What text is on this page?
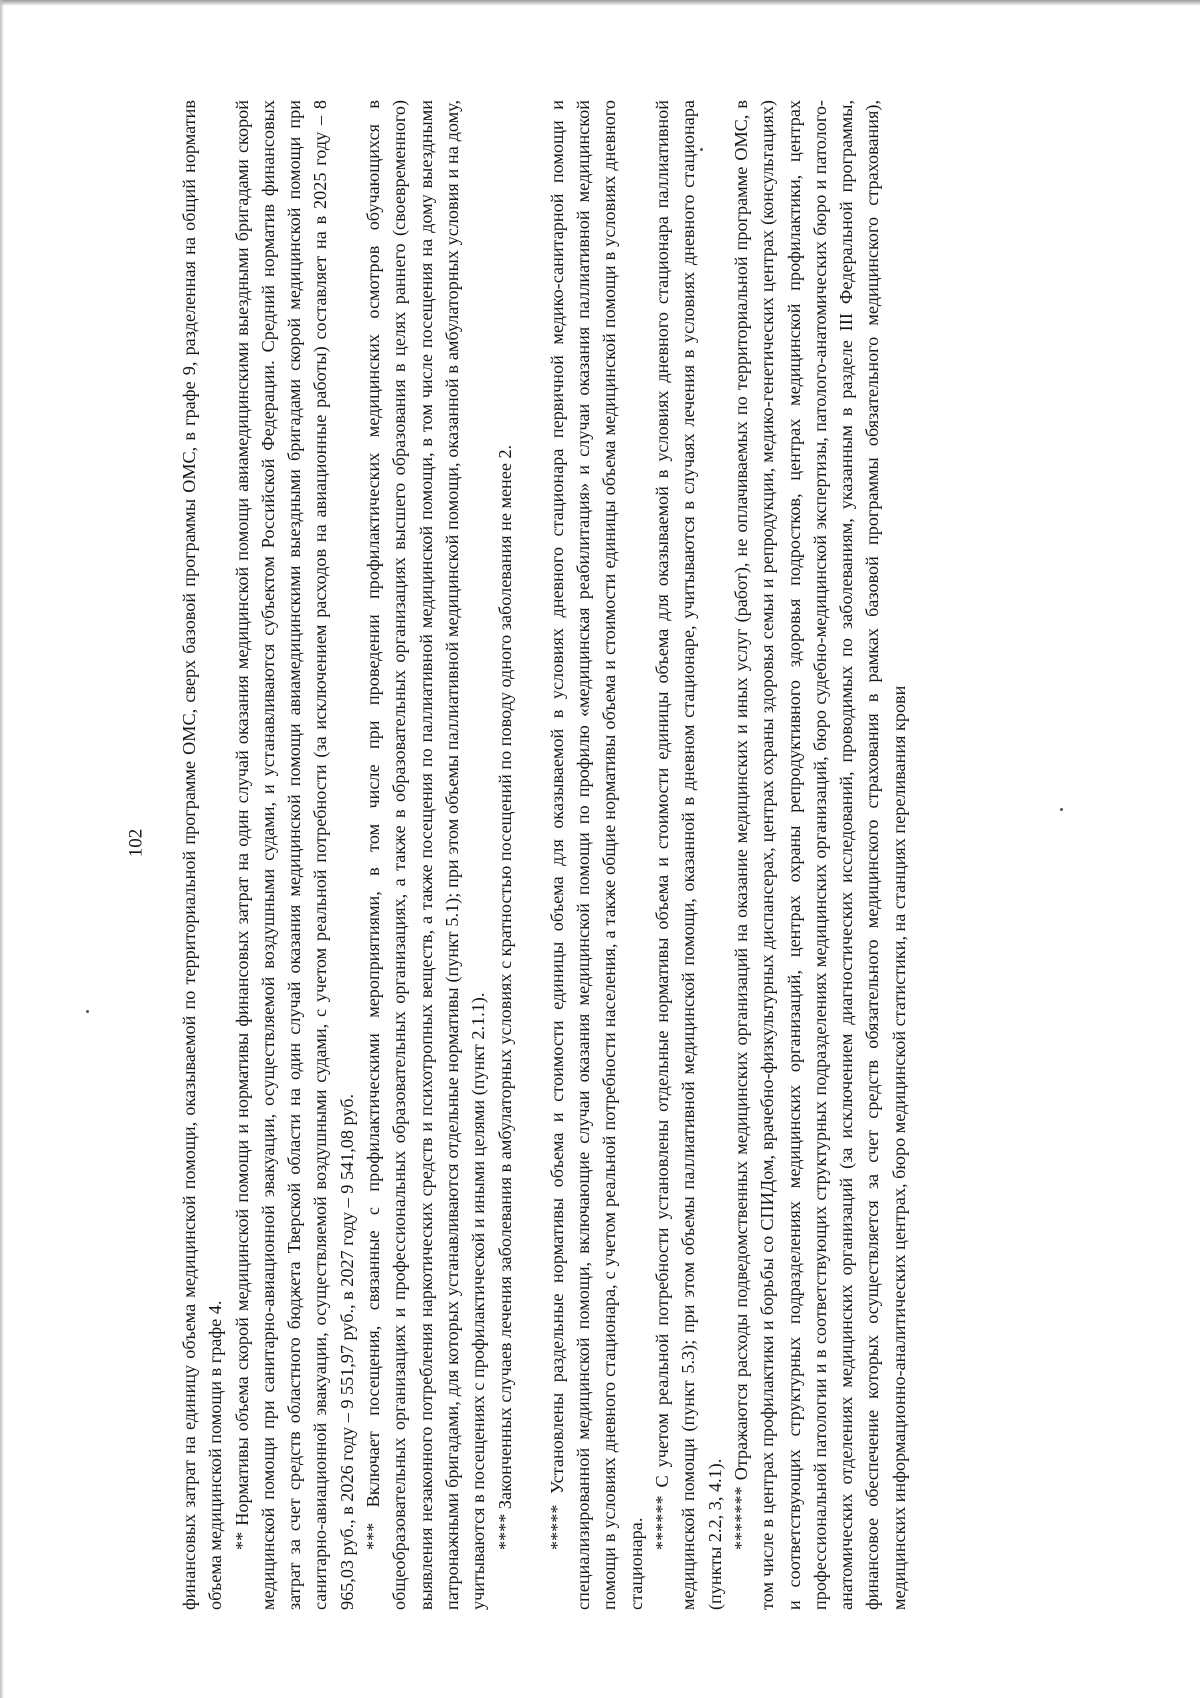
102 финансовых затрат на единицу объема медицинской помощи, оказываемой по территориальной программе ОМС, сверх базовой программы ОМС, в графе 9, разделенная на общий норматив объема медицинской помощи в графе 4. ** Нормативы объема скорой медицинской помощи и нормативы финансовых затрат на один случай оказания медицинской помощи авиамедицинскими выездными бригадами скорой медицинской помощи при санитарно-авиационной эвакуации, осуществляемой воздушными судами, и устанавливаются субъектом Российской Федерации. Средний норматив финансовых затрат за счет средств областного бюджета Тверской области на один случай оказания медицинской помощи авиамедицинскими выездными бригадами скорой медицинской помощи при санитарно-авиационной эвакуации, осуществляемой воздушными судами, с учетом реальной потребности (за исключением расходов на авиационные работы) составляет на в 2025 году – 8 965,03 руб., в 2026 году – 9 551,97 руб., в 2027 году – 9 541,08 руб. *** Включает посещения, связанные с профилактическими мероприятиями, в том числе при проведении профилактических медицинских осмотров обучающихся в общеобразовательных организациях и профессиональных образовательных организациях, а также в образовательных организациях высшего образования в целях раннего (своевременного) выявления незаконного потребления наркотических средств и психотропных веществ, а также посещения по паллиативной медицинской помощи, в том числе посещения на дому выездными патронажными бригадами, для которых устанавливаются отдельные нормативы (пункт 5.1); при этом объемы паллиативной медицинской помощи, оказанной в амбулаторных условия и на дому, учитываются в посещениях с профилактической и иными целями (пункт 2.1.1). **** Законченных случаев лечения заболевания в амбулаторных условиях с кратностью посещений по поводу одного заболевания не менее 2. ***** Установлены раздельные нормативы объема и стоимости единицы объема для оказываемой в условиях дневного стационара первичной медико-санитарной помощи и специализированной медицинской помощи, включающие случаи оказания медицинской помощи по профилю «медицинская реабилитация» и случаи оказания паллиативной медицинской помощи в условиях дневного стационара, с учетом реальной потребности населения, а также общие нормативы объема и стоимости единицы объема медицинской помощи в условиях дневного стационара.

****** С учетом реальной потребности установлены отдельные нормативы объема и стоимости единицы объема для оказываемой в условиях дневного стационара паллиативной медицинской помощи (пункт 5.3); при этом объемы паллиативной медицинской помощи, оказанной в дневном стационаре, учитываются в случаях лечения в условиях дневного стационара (пункты 2.2, 3, 4.1). ******* Отражаются расходы подведомственных медицинских организаций на оказание медицинских и иных услуг (работ), не оплачиваемых по территориальной программе ОМС, в том числе в центрах профилактики и борьбы со СПИДом, врачебно-физкультурных диспансерах, центрах охраны здоровья семьи и репродукции, медико-генетических центрах (консультациях) и соответствующих структурных подразделениях медицинских организаций, центрах охраны репродуктивного здоровья подростков, центрах медицинской профилактики, центрах профессиональной патологии и в соответствующих структурных подразделениях медицинских организаций, бюро судебно-медицинской экспертизы, патолого-анатомических бюро и патолого-анатомических отделениях медицинских организаций (за исключением диагностических исследований, проводимых по заболеваниям, указанным в разделе III Федеральной программы, финансовое обеспечение которых осуществляется за счет средств обязательного медицинского страхования в рамках базовой программы обязательного медицинского страхования), медицинских информационно-аналитических центрах, бюро медицинской статистики, на станциях переливания крови
